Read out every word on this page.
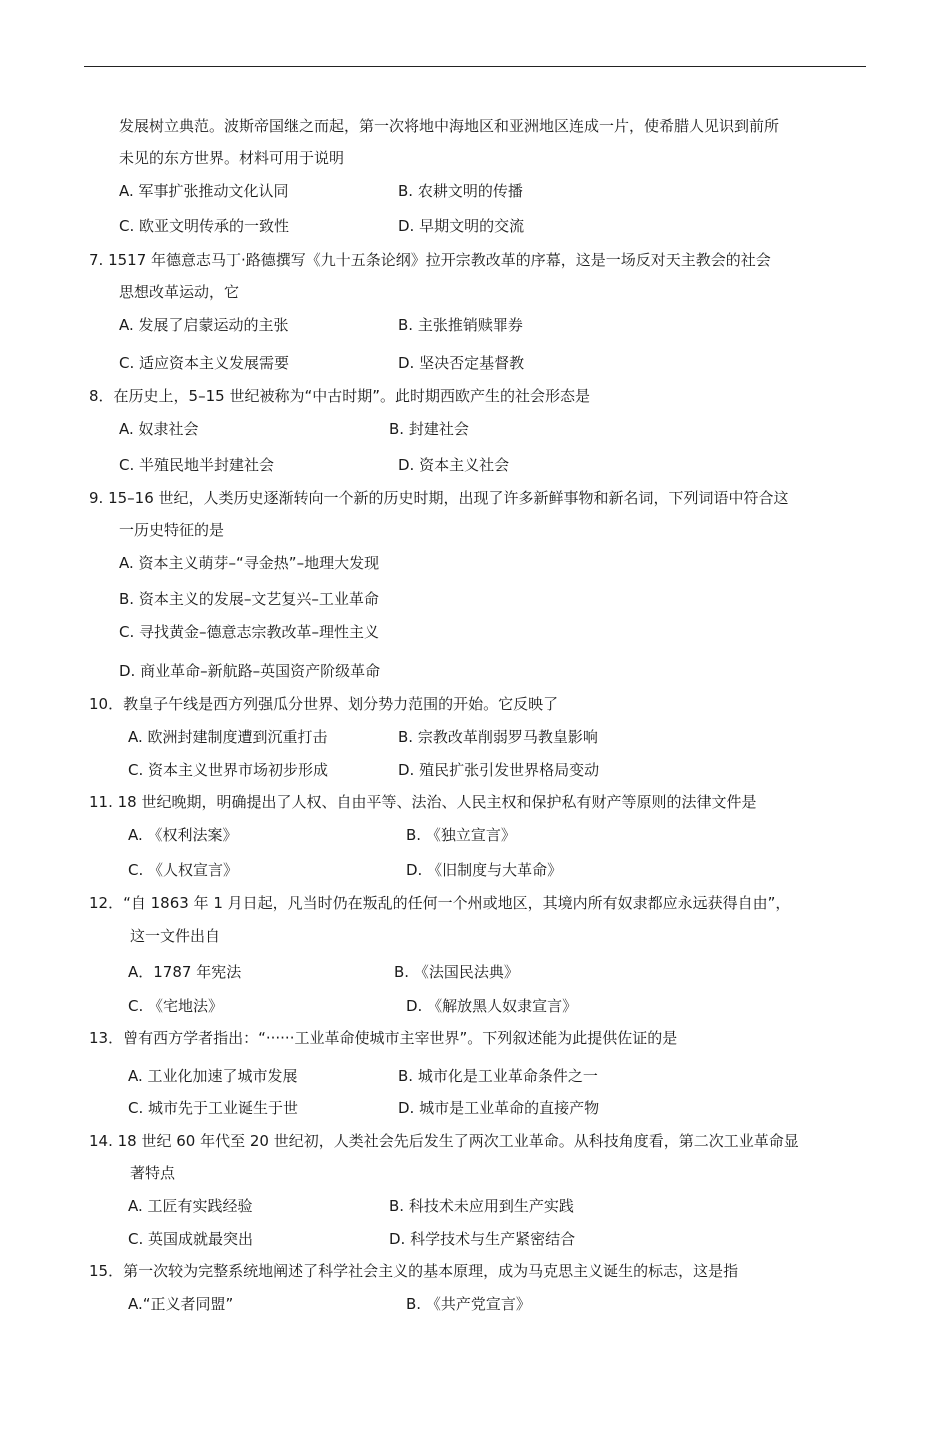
发展树立典范。波斯帝国继之而起，第一次将地中海地区和亚洲地区连成一片，使希腊人见识到前所
未见的东方世界。材料可用于说明
A. 军事扩张推动文化认同	B. 农耕文明的传播
C. 欧亚文明传承的一致性	D. 早期文明的交流
7. 1517 年德意志马丁·路德撰写《九十五条论纲》拉开宗教改革的序幕，这是一场反对天主教会的社会
思想改革运动，它
A. 发展了启蒙运动的主张	B. 主张推销赎罪券
C. 适应资本主义发展需要	D. 坚决否定基督教
8．在历史上，5–15 世纪被称为“中古时期”。此时期西欧产生的社会形态是
A. 奴隶社会	B. 封建社会
C. 半殖民地半封建社会	D. 资本主义社会
9. 15–16 世纪，人类历史逐渐转向一个新的历史时期，出现了许多新鲜事物和新名词，下列词语中符合这
一历史特征的是
A. 资本主义萌芽–“寻金热”–地理大发现
B. 资本主义的发展–文艺复兴–工业革命
C. 寻找黄金–德意志宗教改革–理性主义
D. 商业革命–新航路–英国资产阶级革命
10．教皇子午线是西方列强瓜分世界、划分势力范围的开始。它反映了
A. 欧洲封建制度遭到沉重打击	B. 宗教改革削弱罗马教皇影响
C. 资本主义世界市场初步形成	D. 殖民扩张引发世界格局变动
11. 18 世纪晚期，明确提出了人权、自由平等、法治、人民主权和保护私有财产等原则的法律文件是
A. 《权利法案》	B. 《独立宣言》
C. 《人权宣言》	D. 《旧制度与大革命》
12．“自 1863 年 1 月日起，凡当时仍在叛乱的任何一个州或地区，其境内所有奴隶都应永远获得自由”，
这一文件出自
A．1787 年宪法	B. 《法国民法典》
C. 《宅地法》	D. 《解放黑人奴隶宣言》
13．曾有西方学者指出：“······工业革命使城市主宰世界”。下列叙述能为此提供佐证的是
A. 工业化加速了城市发展	B. 城市化是工业革命条件之一
C. 城市先于工业诞生于世	D. 城市是工业革命的直接产物
14. 18 世纪 60 年代至 20 世纪初，人类社会先后发生了两次工业革命。从科技角度看，第二次工业革命显
著特点
A. 工匠有实践经验	B. 科技术未应用到生产实践
C. 英国成就最突出	D. 科学技术与生产紧密结合
15．第一次较为完整系统地阐述了科学社会主义的基本原理，成为马克思主义诞生的标志，这是指
A.“正义者同盟”	B. 《共产党宣言》
